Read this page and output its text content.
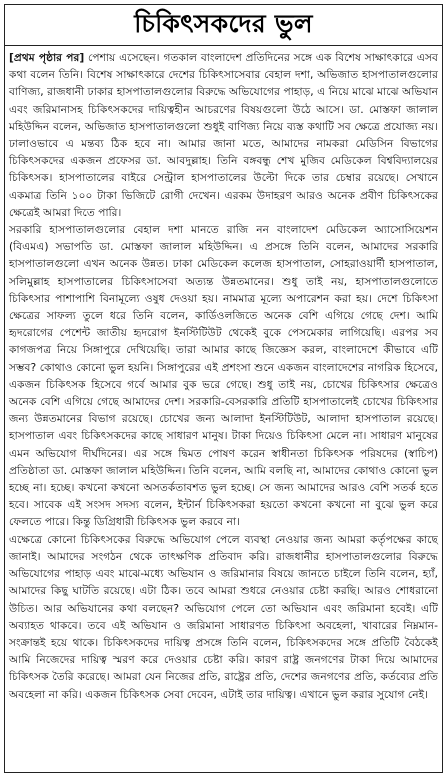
চিকিৎসকদের ভুল

[প্রথম পৃষ্ঠার পর] পেশায় এসেছেন। গতকাল বাংলাদেশ প্রতিদিনের সঙ্গে এক বিশেষ সাক্ষাৎকারে এসব কথা বলেন তিনি। বিশেষ সাক্ষাৎকারে দেশের চিকিৎসাসেবার বেহাল দশা, অভিজাত হাসপাতালগুলোর বাণিজ্য, রাজধানী ঢাকার হাসপাতালগুলোর বিরুদ্ধে অভিযোগের পাহাড়, এ নিয়ে মাঝে মাঝে অভিযান এবং জরিমানাসহ চিকিৎসকদের দায়িত্বহীন আচরণের বিষয়গুলো উঠে আসে। ডা. মোস্তফা জালাল মহিউদ্দিন বলেন, অভিজাত হাসপাতালগুলো শুধুই বাণিজ্য নিয়ে ব্যস্ত কথাটি সব ক্ষেত্রে প্রযোজ্য নয়। ঢালাওভাবে এ মন্তব্য ঠিক হবে না। আমার জানা মতে, আমাদের নামকরা মেডিসিন বিভাগের চিকিৎসকদের একজন প্রফেসর ডা. আবদুল্লাহ। তিনি বঙ্গবন্ধু শেখ মুজিব মেডিকেল বিশ্ববিদ্যালয়ের চিকিৎসক। হাসপাতালের বাইরে সেন্ট্রাল হাসপাতালের উল্টো দিকে তার চেম্বার রয়েছে। সেখানে একমাত্র তিনি ১০০ টাকা ভিজিটে রোগী দেখেন। এরকম উদাহরণ আরও অনেক প্রবীণ চিকিৎসকের ক্ষেত্রেই আমরা দিতে পারি।

সরকারি হাসপাতালগুলোর বেহাল দশা মানতে রাজি নন বাংলাদেশ মেডিকেল অ্যাসোসিয়েশন (বিএমএ) সভাপতি ডা. মোস্তফা জালাল মহিউদ্দিন। এ প্রসঙ্গে তিনি বলেন, আমাদের সরকারি হাসপাতালগুলো এখন অনেক উন্নত। ঢাকা মেডিকেল কলেজ হাসপাতাল, সোহরাওয়ার্দী হাসপাতাল, সলিমুল্লাহ হাসপাতালের চিকিৎসাসেবা অত্যন্ত উন্নতমানের। শুধু তাই নয়, হাসপাতালগুলোতে চিকিৎসার পাশাপাশি বিনামূল্যে ওষুধ দেওয়া হয়। নামমাত্র মূল্যে অপারেশন করা হয়। দেশে চিকিৎসা ক্ষেত্রের সাফল্য তুলে ধরে তিনি বলেন, কার্ডিওলজিতে অনেক বেশি এগিয়ে গেছে দেশ। আমি হৃদরোগের পেশেন্ট জাতীয় হৃদরোগ ইনস্টিটিউট থেকেই বুকে পেসমেকার লাগিয়েছি। এরপর সব কাগজপত্র নিয়ে সিঙ্গাপুরে দেখিয়েছি। তারা আমার কাছে জিজ্ঞেস করল, বাংলাদেশে কীভাবে এটি সম্ভব? কোথাও কোনো ভুল হয়নি। সিঙ্গাপুরের এই প্রশংসা শুনে একজন বাংলাদেশের নাগরিক হিসেবে, একজন চিকিৎসক হিসেবে গর্বে আমার বুক ভরে গেছে। শুধু তাই নয়, চোখের চিকিৎসার ক্ষেত্রেও অনেক বেশি এগিয়ে গেছে আমাদের দেশ। সরকারি-বেসরকারি প্রতিটি হাসপাতালেই চোখের চিকিৎসার জন্য উন্নতমানের বিভাগ রয়েছে। চোখের জন্য আলাদা ইনস্টিটিউট, আলাদা হাসপাতাল রয়েছে। হাসপাতাল এবং চিকিৎসকদের কাছে সাধারণ মানুষ। টাকা দিয়েও চিকিৎসা মেলে না। সাধারণ মানুষের এমন অভিযোগ দীর্ঘদিনের। এর সঙ্গে দ্বিমত পোষণ করেন স্বাধীনতা চিকিৎসক পরিষদের (স্বাচিপ) প্রতিষ্ঠাতা ডা. মোস্তফা জালাল মহিউদ্দিন। তিনি বলেন, আমি বলছি না, আমাদের কোথাও কোনো ভুল হচ্ছে না। হচ্ছে। কখনো কখনো অসতর্কতাবশত ভুল হচ্ছে। সে জন্য আমাদের আরও বেশি সতর্ক হতে হবে। সাবেক এই সংসদ সদস্য বলেন, ইন্টার্ন চিকিৎসকরা হয়তো কখনো কখনো না বুঝে ভুল করে ফেলতে পারে। কিন্তু ডিগ্রিধারী চিকিৎসক ভুল করবে না।

এক্ষেত্রে কোনো চিকিৎসকের বিরুদ্ধে অভিযোগ পেলে ব্যবস্থা নেওয়ার জন্য আমরা কর্তৃপক্ষের কাছে জানাই। আমাদের সংগঠন থেকে তাৎক্ষণিক প্রতিবাদ করি। রাজধানীর হাসপাতালগুলোর বিরুদ্ধে অভিযোগের পাহাড় এবং মাঝে-মধ্যে অভিযান ও জরিমানার বিষয়ে জানতে চাইলে তিনি বলেন, হ্যাঁ, আমাদের কিছু ঘাটতি রয়েছে। এটা ঠিক। তবে আমরা শুধরে নেওয়ার চেষ্টা করছি। আরও শোধরানো উচিত। আর অভিযানের কথা বলছেন? অভিযোগ পেলে তো অভিযান এবং জরিমানা হবেই। এটি অব্যাহত থাকবে। তবে এই অভিযান ও জরিমানা সাধারণত চিকিৎসা অবহেলা, খাবারের নিম্নমান-সংক্রান্তই হয়ে থাকে। চিকিৎসকদের দায়িত্ব প্রসঙ্গে তিনি বলেন, চিকিৎসকদের সঙ্গে প্রতিটি বৈঠকেই আমি নিজেদের দায়িত্ব স্মরণ করে দেওয়ার চেষ্টা করি। কারণ রাষ্ট্র জনগণের টাকা দিয়ে আমাদের চিকিৎসক তৈরি করেছে। আমরা যেন নিজের প্রতি, রাষ্ট্রের প্রতি, দেশের জনগণের প্রতি, কর্তব্যের প্রতি অবহেলা না করি। একজন চিকিৎসক সেবা দেবেন, এটাই তার দায়িত্ব। এখানে ভুল করার সুযোগ নেই।
